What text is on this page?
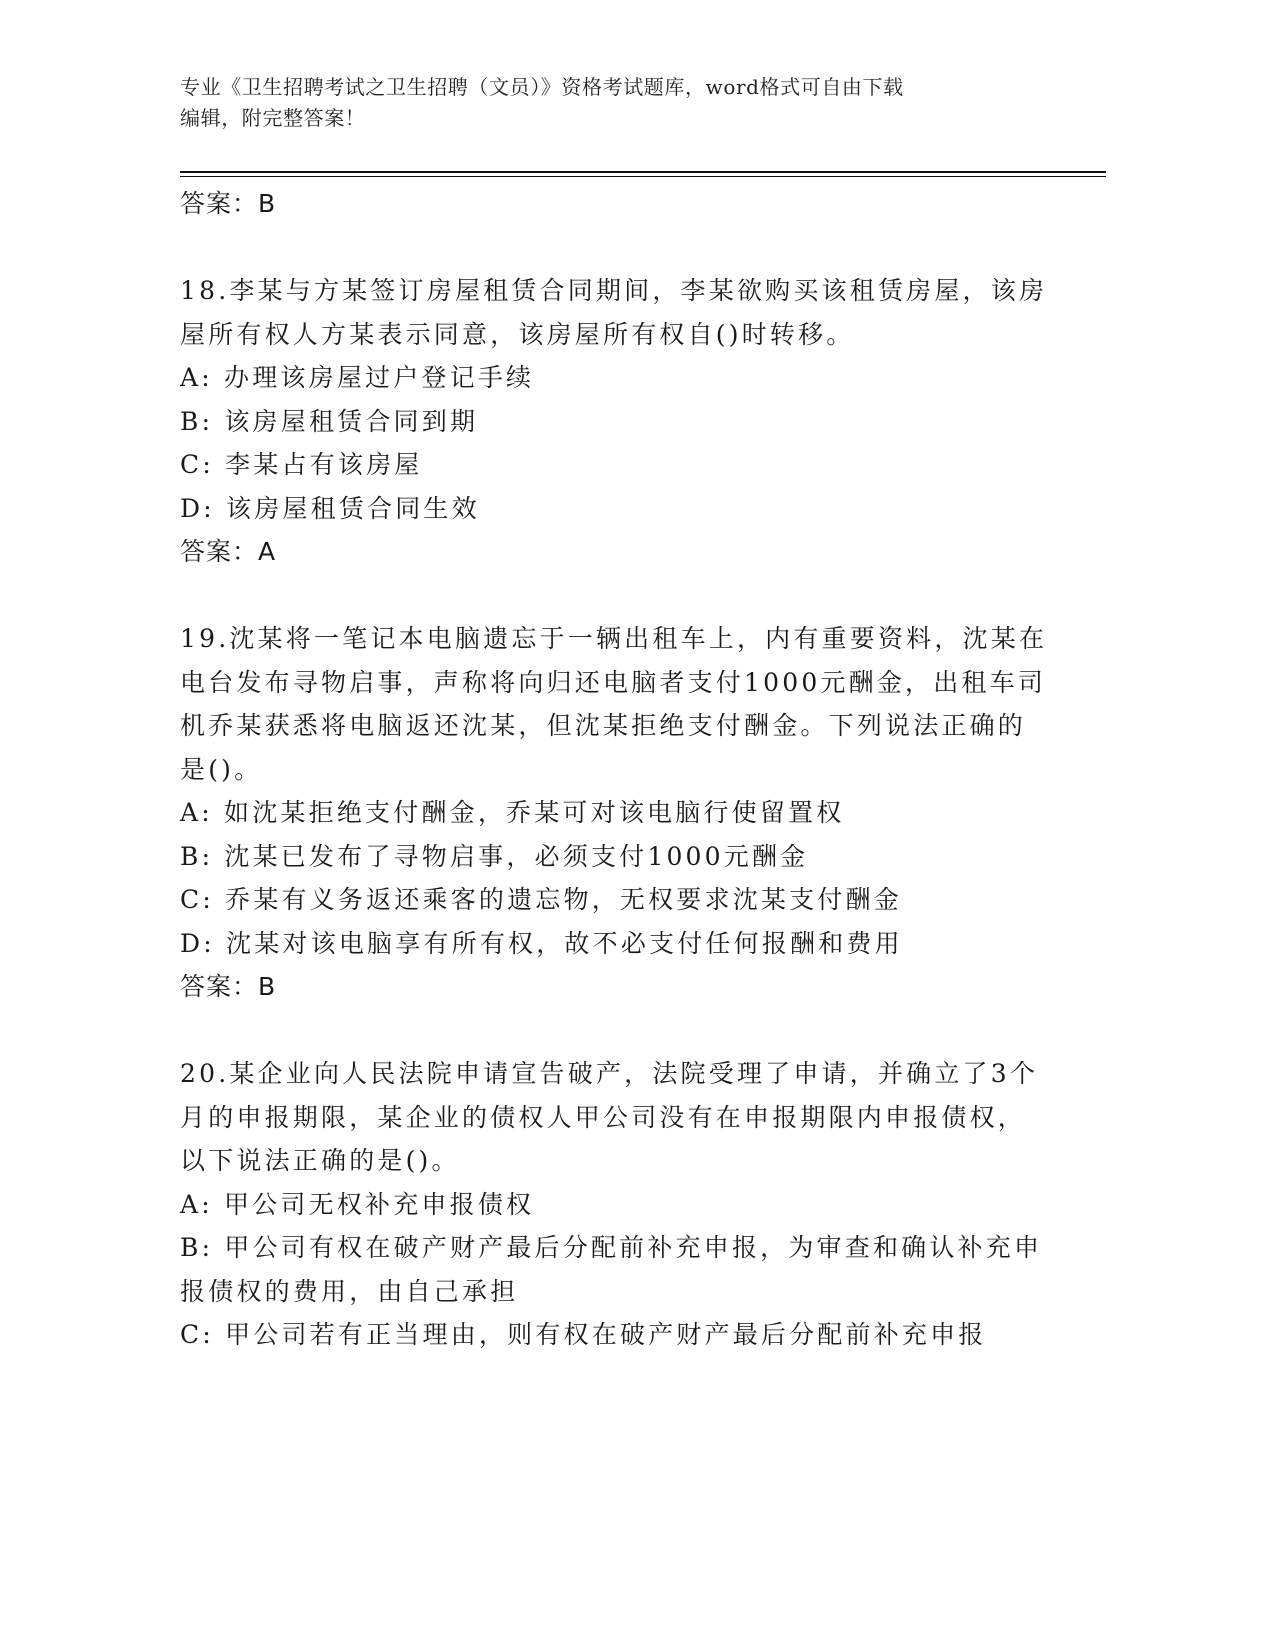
专业《卫生招聘考试之卫生招聘（文员）》资格考试题库，word格式可自由下载
编辑，附完整答案！
答案：B
18.李某与方某签订房屋租赁合同期间，李某欲购买该租赁房屋，该房
屋所有权人方某表示同意，该房屋所有权自()时转移。
A: 办理该房屋过户登记手续
B: 该房屋租赁合同到期
C: 李某占有该房屋
D: 该房屋租赁合同生效
答案：A
19.沈某将一笔记本电脑遗忘于一辆出租车上，内有重要资料，沈某在
电台发布寻物启事，声称将向归还电脑者支付1000元酬金，出租车司
机乔某获悉将电脑返还沈某，但沈某拒绝支付酬金。下列说法正确的
是()。
A: 如沈某拒绝支付酬金，乔某可对该电脑行使留置权
B: 沈某已发布了寻物启事，必须支付1000元酬金
C: 乔某有义务返还乘客的遗忘物，无权要求沈某支付酬金
D: 沈某对该电脑享有所有权，故不必支付任何报酬和费用
答案：B
20.某企业向人民法院申请宣告破产，法院受理了申请，并确立了3个
月的申报期限，某企业的债权人甲公司没有在申报期限内申报债权，
以下说法正确的是()。
A: 甲公司无权补充申报债权
B: 甲公司有权在破产财产最后分配前补充申报，为审查和确认补充申
报债权的费用，由自己承担
C: 甲公司若有正当理由，则有权在破产财产最后分配前补充申报
